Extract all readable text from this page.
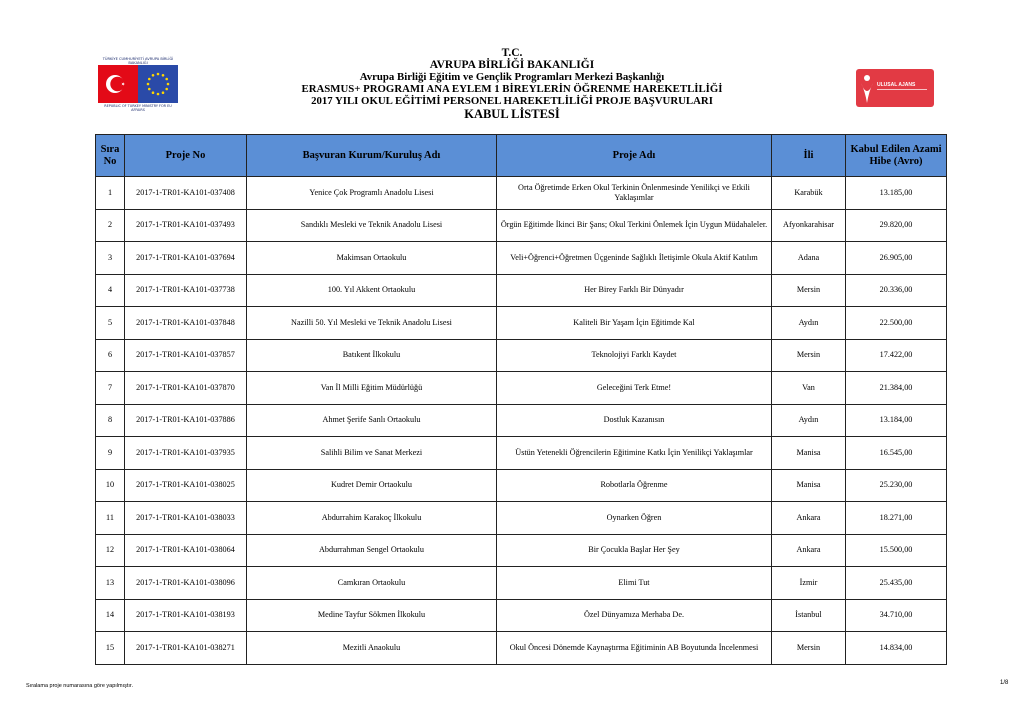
TÜRKİYE CUMHURİYETİ AVRUPA BİRLİĞİ BAKANLIĞI
REPUBLIC OF TURKEY MINISTRY FOR EU AFFAIRS
ULUSAL AJANS
T.C.
AVRUPA BİRLİĞİ BAKANLIĞI
Avrupa Birliği Eğitim ve Gençlik Programları Merkezi Başkanlığı
ERASMUS+ PROGRAMI ANA EYLEM 1 BİREYLERİN ÖĞRENME HAREKETLİLİĞİ
2017 YILI OKUL EĞİTİMİ PERSONEL HAREKETLİLİĞİ PROJE BAŞVURULARI
KABUL LİSTESİ
Sıra No	Proje No	Başvuran Kurum/Kuruluş Adı	Proje Adı	İli	Kabul Edilen Azami Hibe (Avro)
1	2017-1-TR01-KA101-037408	Yenice Çok Programlı Anadolu Lisesi	Orta Öğretimde Erken Okul Terkinin Önlenmesinde Yenilikçi ve Etkili Yaklaşımlar	Karabük	13.185,00
2	2017-1-TR01-KA101-037493	Sandıklı Mesleki ve Teknik Anadolu Lisesi	Örgün Eğitimde İkinci Bir Şans; Okul Terkini Önlemek İçin Uygun Müdahaleler.	Afyonkarahisar	29.820,00
3	2017-1-TR01-KA101-037694	Makimsan Ortaokulu	Veli+Öğrenci+Öğretmen Üçgeninde Sağlıklı İletişimle Okula Aktif Katılım	Adana	26.905,00
4	2017-1-TR01-KA101-037738	100. Yıl Akkent Ortaokulu	Her Birey Farklı Bir Dünyadır	Mersin	20.336,00
5	2017-1-TR01-KA101-037848	Nazilli 50. Yıl Mesleki ve Teknik Anadolu Lisesi	Kaliteli Bir Yaşam İçin Eğitimde Kal	Aydın	22.500,00
6	2017-1-TR01-KA101-037857	Batıkent İlkokulu	Teknolojiyi Farklı Kaydet	Mersin	17.422,00
7	2017-1-TR01-KA101-037870	Van İl Milli Eğitim Müdürlüğü	Geleceğini Terk Etme!	Van	21.384,00
8	2017-1-TR01-KA101-037886	Ahmet Şerife Sanlı Ortaokulu	Dostluk Kazanısın	Aydın	13.184,00
9	2017-1-TR01-KA101-037935	Salihli Bilim ve Sanat Merkezi	Üstün Yetenekli Öğrencilerin Eğitimine Katkı İçin Yenilikçi Yaklaşımlar	Manisa	16.545,00
10	2017-1-TR01-KA101-038025	Kudret Demir Ortaokulu	Robotlarla Öğrenme	Manisa	25.230,00
11	2017-1-TR01-KA101-038033	Abdurrahim Karakoç İlkokulu	Oynarken Öğren	Ankara	18.271,00
12	2017-1-TR01-KA101-038064	Abdurrahman Sengel Ortaokulu	Bir Çocukla Başlar Her Şey	Ankara	15.500,00
13	2017-1-TR01-KA101-038096	Camkıran Ortaokulu	Elimi Tut	İzmir	25.435,00
14	2017-1-TR01-KA101-038193	Medine Tayfur Sökmen İlkokulu	Özel Dünyamıza Merhaba De.	İstanbul	34.710,00
15	2017-1-TR01-KA101-038271	Mezitli Anaokulu	Okul Öncesi Dönemde Kaynaştırma Eğitiminin AB Boyutunda İncelenmesi	Mersin	14.834,00
Sıralama proje numarasına göre yapılmıştır.	1/8
